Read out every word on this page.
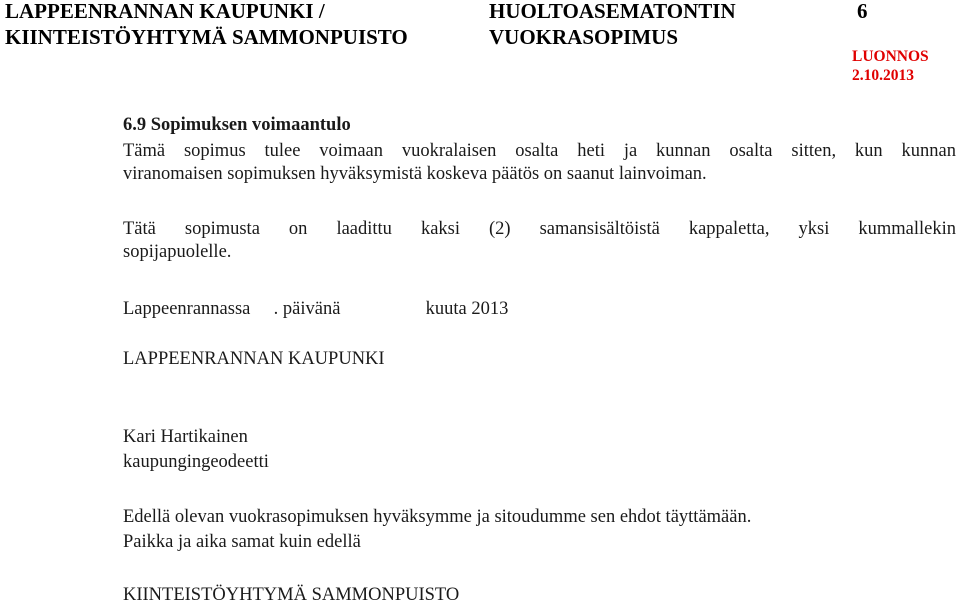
LAPPEENRANNAN KAUPUNKI /
KIINTEISTÖYHTYMÄ SAMMONPUISTO
HUOLTOASEMATONTIN
VUOKRASOPIMUS
6
LUONNOS
2.10.2013
6.9 Sopimuksen voimaantulo
Tämä sopimus tulee voimaan vuokralaisen osalta heti ja kunnan osalta sitten, kun kunnan
viranomaisen sopimuksen hyväksymistä koskeva päätös on saanut lainvoiman.
Tätä sopimusta on laadittu kaksi (2) samansisältöistä kappaletta, yksi kummallekin
sopijapuolelle.
Lappeenrannassa . päivänä	kuuta 2013
LAPPEENRANNAN KAUPUNKI
Kari Hartikainen
kaupungingeodeetti
Edellä olevan vuokrasopimuksen hyväksymme ja sitoudumme sen ehdot täyttämään.
Paikka ja aika samat kuin edellä
KIINTEISTÖYHTYMÄ SAMMONPUISTO
